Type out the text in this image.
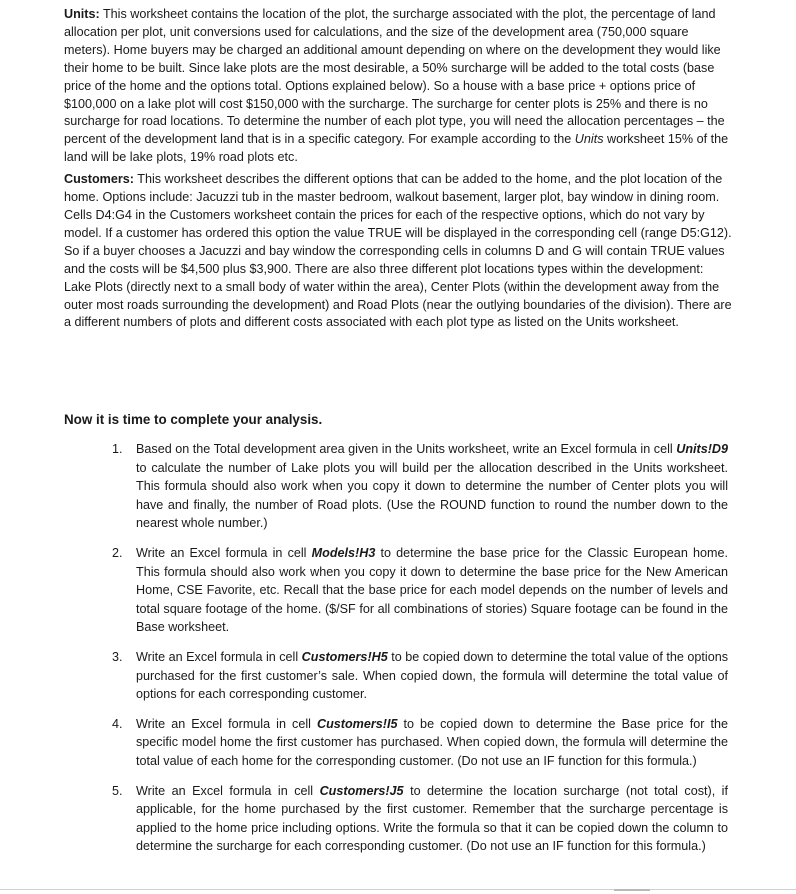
Units: This worksheet contains the location of the plot, the surcharge associated with the plot, the percentage of land allocation per plot, unit conversions used for calculations, and the size of the development area (750,000 square meters). Home buyers may be charged an additional amount depending on where on the development they would like their home to be built. Since lake plots are the most desirable, a 50% surcharge will be added to the total costs (base price of the home and the options total. Options explained below). So a house with a base price + options price of $100,000 on a lake plot will cost $150,000 with the surcharge. The surcharge for center plots is 25% and there is no surcharge for road locations. To determine the number of each plot type, you will need the allocation percentages – the percent of the development land that is in a specific category. For example according to the Units worksheet 15% of the land will be lake plots, 19% road plots etc.

Customers: This worksheet describes the different options that can be added to the home, and the plot location of the home. Options include: Jacuzzi tub in the master bedroom, walkout basement, larger plot, bay window in dining room. Cells D4:G4 in the Customers worksheet contain the prices for each of the respective options, which do not vary by model. If a customer has ordered this option the value TRUE will be displayed in the corresponding cell (range D5:G12). So if a buyer chooses a Jacuzzi and bay window the corresponding cells in columns D and G will contain TRUE values and the costs will be $4,500 plus $3,900. There are also three different plot locations types within the development: Lake Plots (directly next to a small body of water within the area), Center Plots (within the development away from the outer most roads surrounding the development) and Road Plots (near the outlying boundaries of the division). There are a different numbers of plots and different costs associated with each plot type as listed on the Units worksheet.

Now it is time to complete your analysis.

1. Based on the Total development area given in the Units worksheet, write an Excel formula in cell Units!D9 to calculate the number of Lake plots you will build per the allocation described in the Units worksheet. This formula should also work when you copy it down to determine the number of Center plots you will have and finally, the number of Road plots. (Use the ROUND function to round the number down to the nearest whole number.)
2. Write an Excel formula in cell Models!H3 to determine the base price for the Classic European home. This formula should also work when you copy it down to determine the base price for the New American Home, CSE Favorite, etc. Recall that the base price for each model depends on the number of levels and total square footage of the home. ($/SF for all combinations of stories) Square footage can be found in the Base worksheet.
3. Write an Excel formula in cell Customers!H5 to be copied down to determine the total value of the options purchased for the first customer’s sale. When copied down, the formula will determine the total value of options for each corresponding customer.
4. Write an Excel formula in cell Customers!I5 to be copied down to determine the Base price for the specific model home the first customer has purchased. When copied down, the formula will determine the total value of each home for the corresponding customer. (Do not use an IF function for this formula.)
5. Write an Excel formula in cell Customers!J5 to determine the location surcharge (not total cost), if applicable, for the home purchased by the first customer. Remember that the surcharge percentage is applied to the home price including options. Write the formula so that it can be copied down the column to determine the surcharge for each corresponding customer. (Do not use an IF function for this formula.)
